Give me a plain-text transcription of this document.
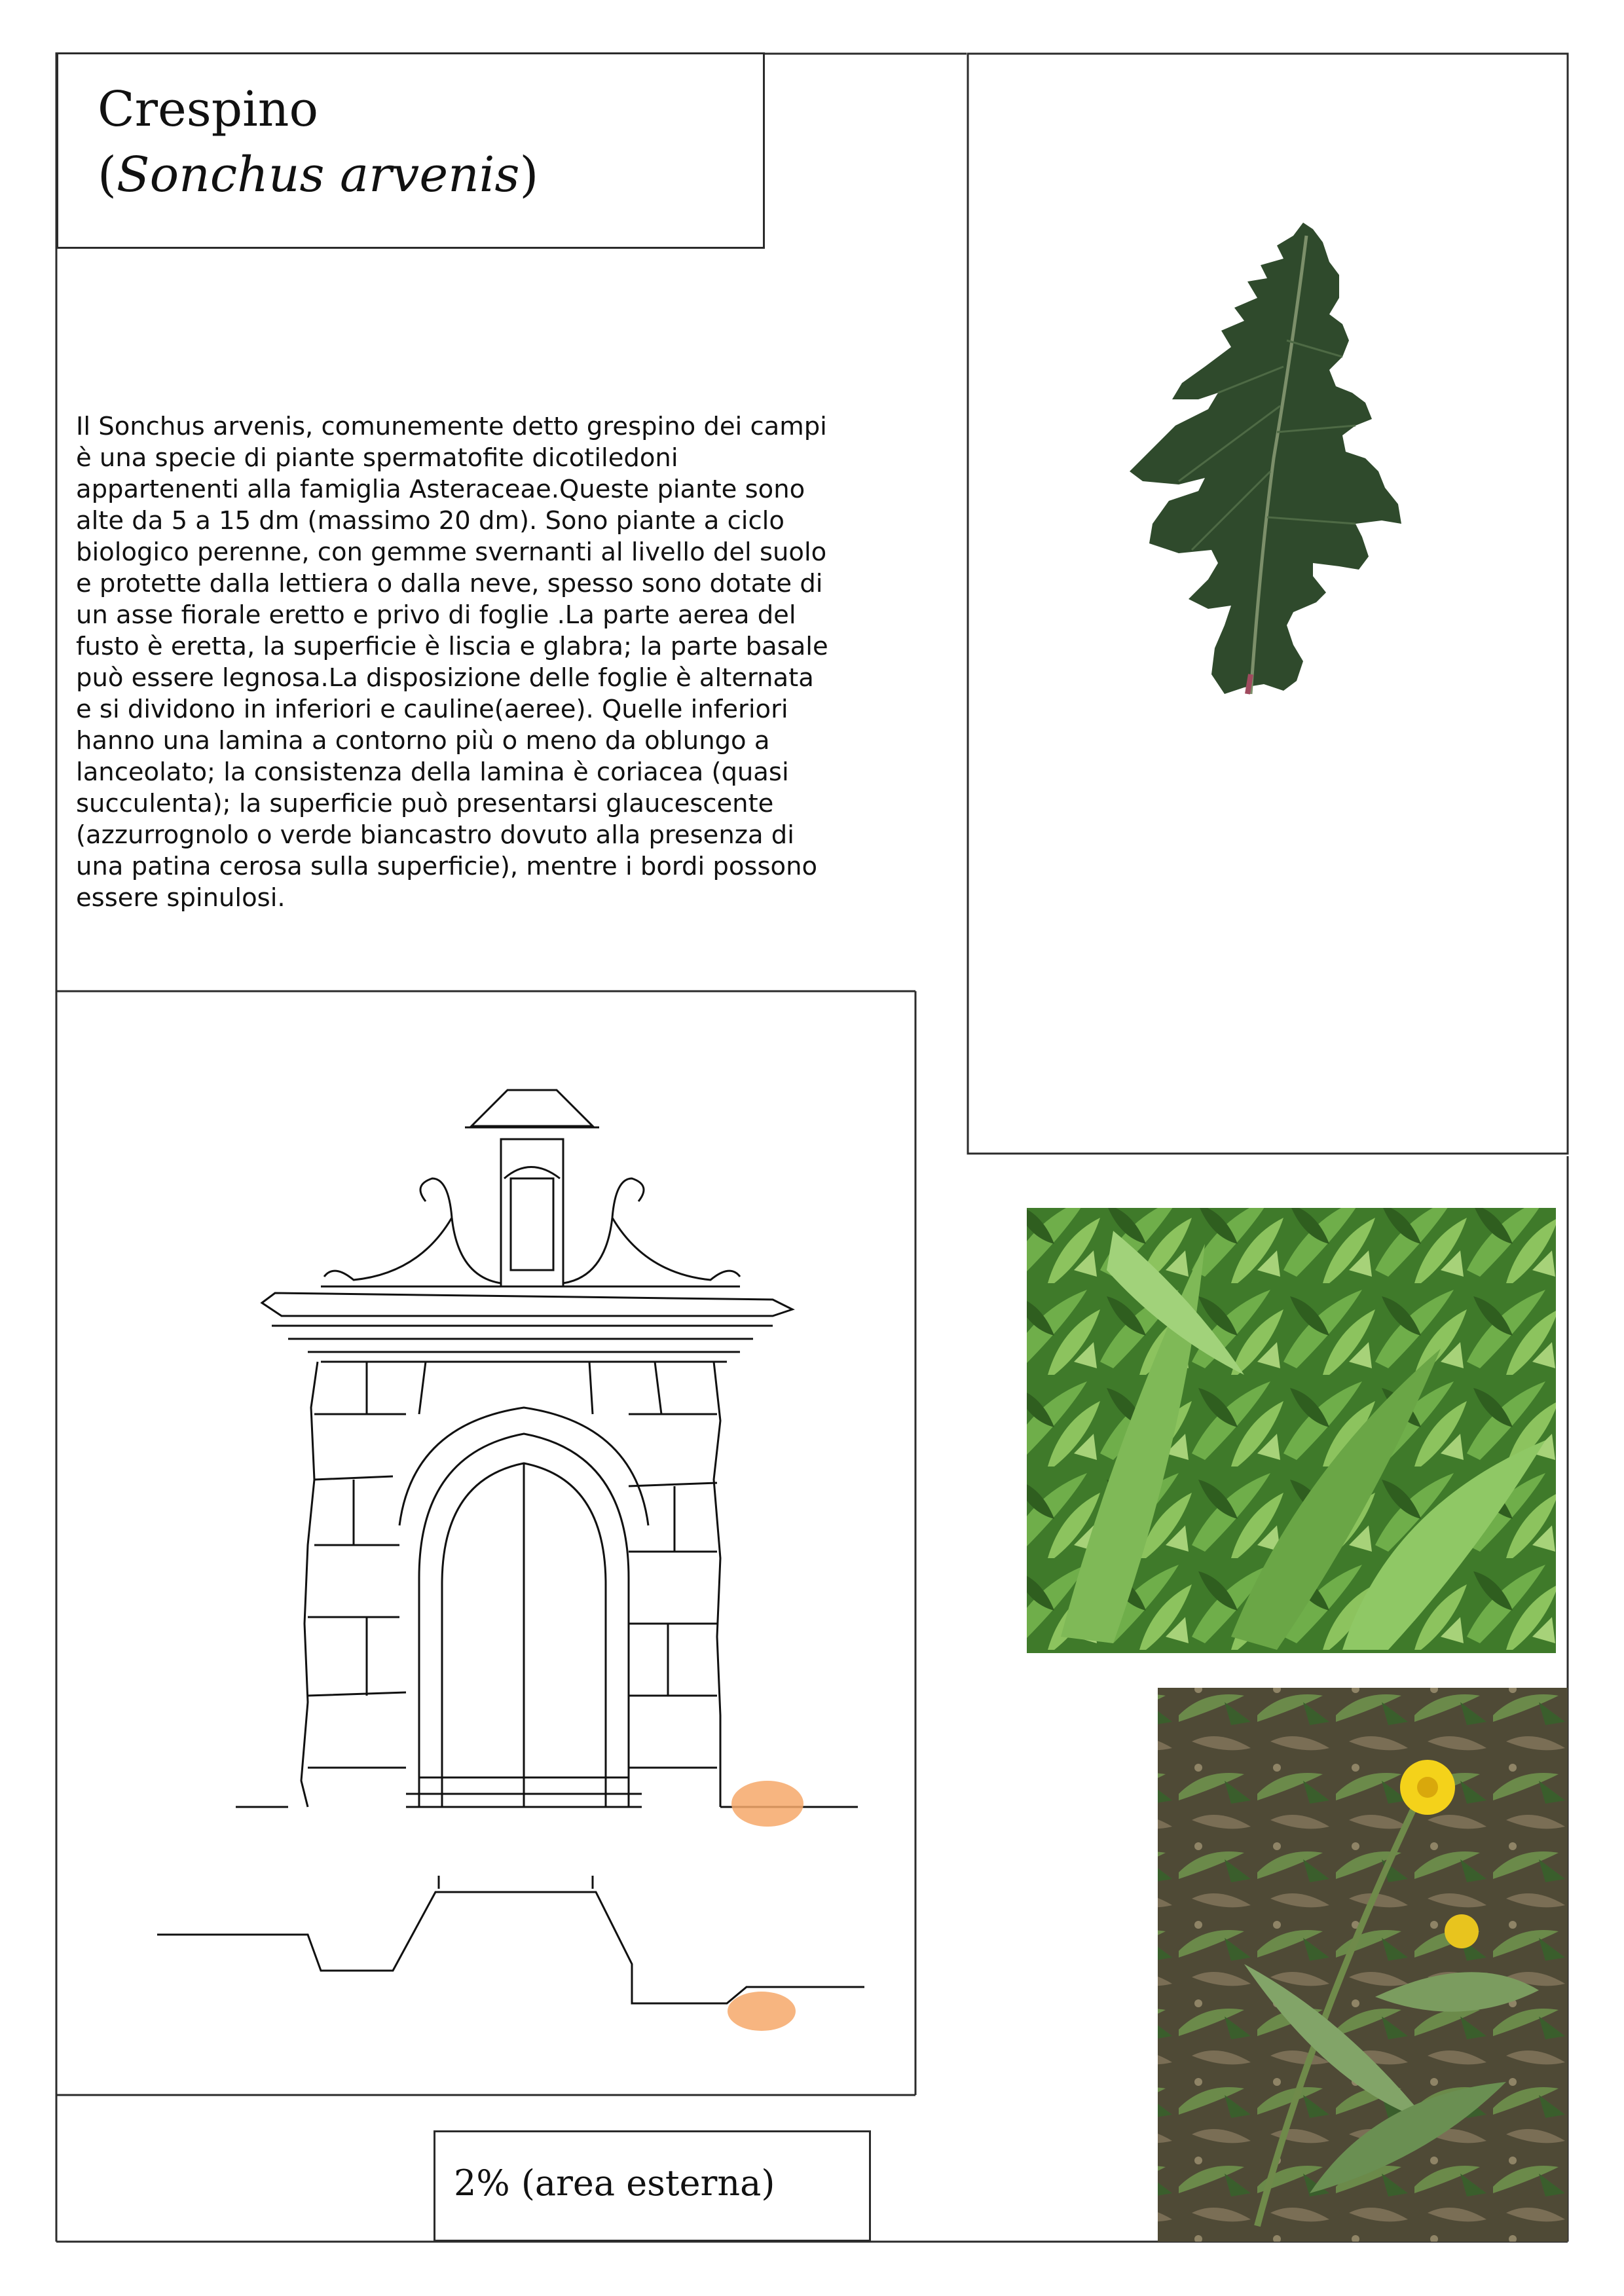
Crespino
(Sonchus arvenis)

Il Sonchus arvenis, comunemente detto grespino dei campi è una specie di piante spermatofite dicotiledoni appartenenti alla famiglia Asteraceae.Queste piante sono alte da 5 a 15 dm (massimo 20 dm). Sono piante a ciclo biologico perenne, con gemme svernanti al livello del suolo e protette dalla lettiera o dalla neve, spesso sono dotate di un asse fiorale eretto e privo di foglie .La parte aerea del fusto è eretta, la superficie è liscia e glabra; la parte basale può essere legnosa.La disposizione delle foglie è alternata e si dividono in inferiori e cauline(aeree). Quelle inferiori hanno una lamina a contorno più o meno da oblungo a lanceolato; la consistenza della lamina è coriacea (quasi succulenta); la superficie può presentarsi glaucescente (azzurrognolo o verde biancastro dovuto alla presenza di una patina cerosa sulla superficie), mentre i bordi possono essere spinulosi.

2% (area esterna)
